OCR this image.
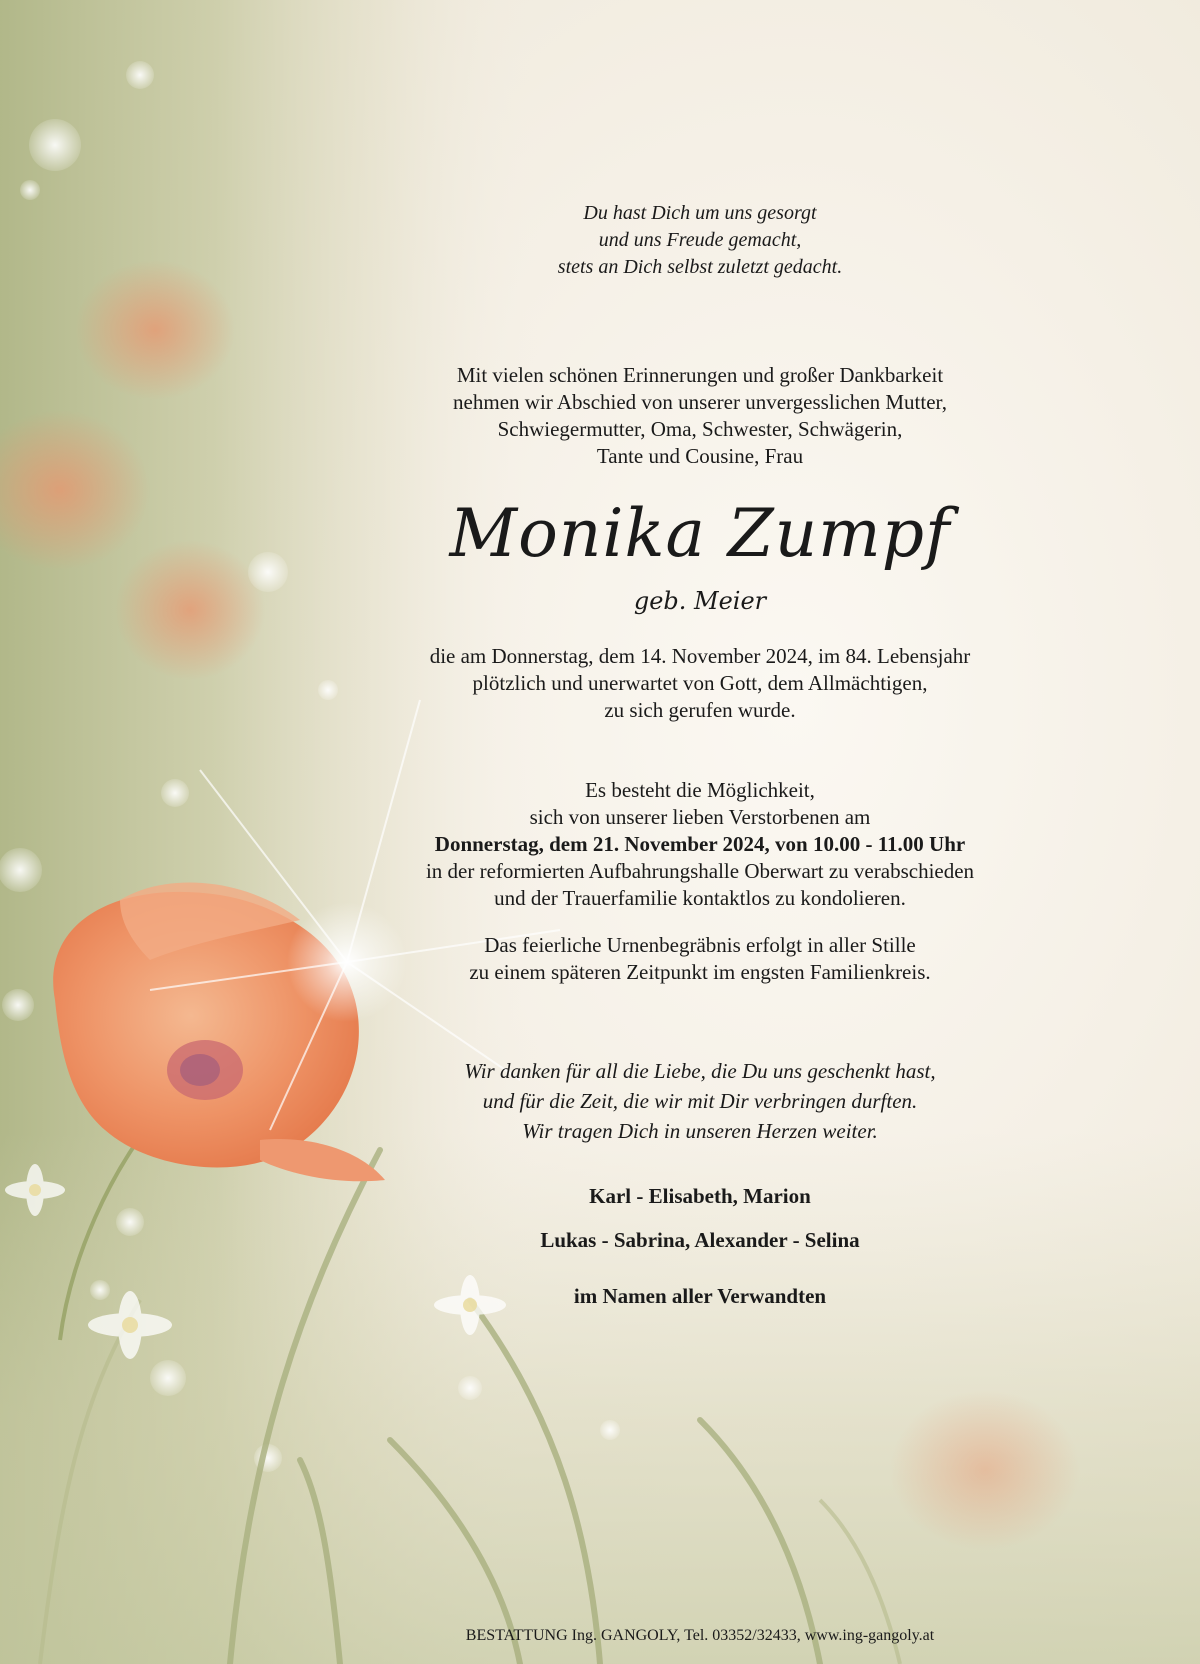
Du hast Dich um uns gesorgt
und uns Freude gemacht,
stets an Dich selbst zuletzt gedacht.
Mit vielen schönen Erinnerungen und großer Dankbarkeit
nehmen wir Abschied von unserer unvergesslichen Mutter,
Schwiegermutter, Oma, Schwester, Schwägerin,
Tante und Cousine, Frau
Monika Zumpf
geb. Meier
die am Donnerstag, dem 14. November 2024, im 84. Lebensjahr
plötzlich und unerwartet von Gott, dem Allmächtigen,
zu sich gerufen wurde.
Es besteht die Möglichkeit,
sich von unserer lieben Verstorbenen am
Donnerstag, dem 21. November 2024, von 10.00 - 11.00 Uhr
in der reformierten Aufbahrungshalle Oberwart zu verabschieden
und der Trauerfamilie kontaktlos zu kondolieren.
Das feierliche Urnenbegräbnis erfolgt in aller Stille
zu einem späteren Zeitpunkt im engsten Familienkreis.
Wir danken für all die Liebe, die Du uns geschenkt hast,
und für die Zeit, die wir mit Dir verbringen durften.
Wir tragen Dich in unseren Herzen weiter.
Karl - Elisabeth, Marion
Lukas - Sabrina, Alexander - Selina
im Namen aller Verwandten
BESTATTUNG Ing. GANGOLY, Tel. 03352/32433, www.ing-gangoly.at
